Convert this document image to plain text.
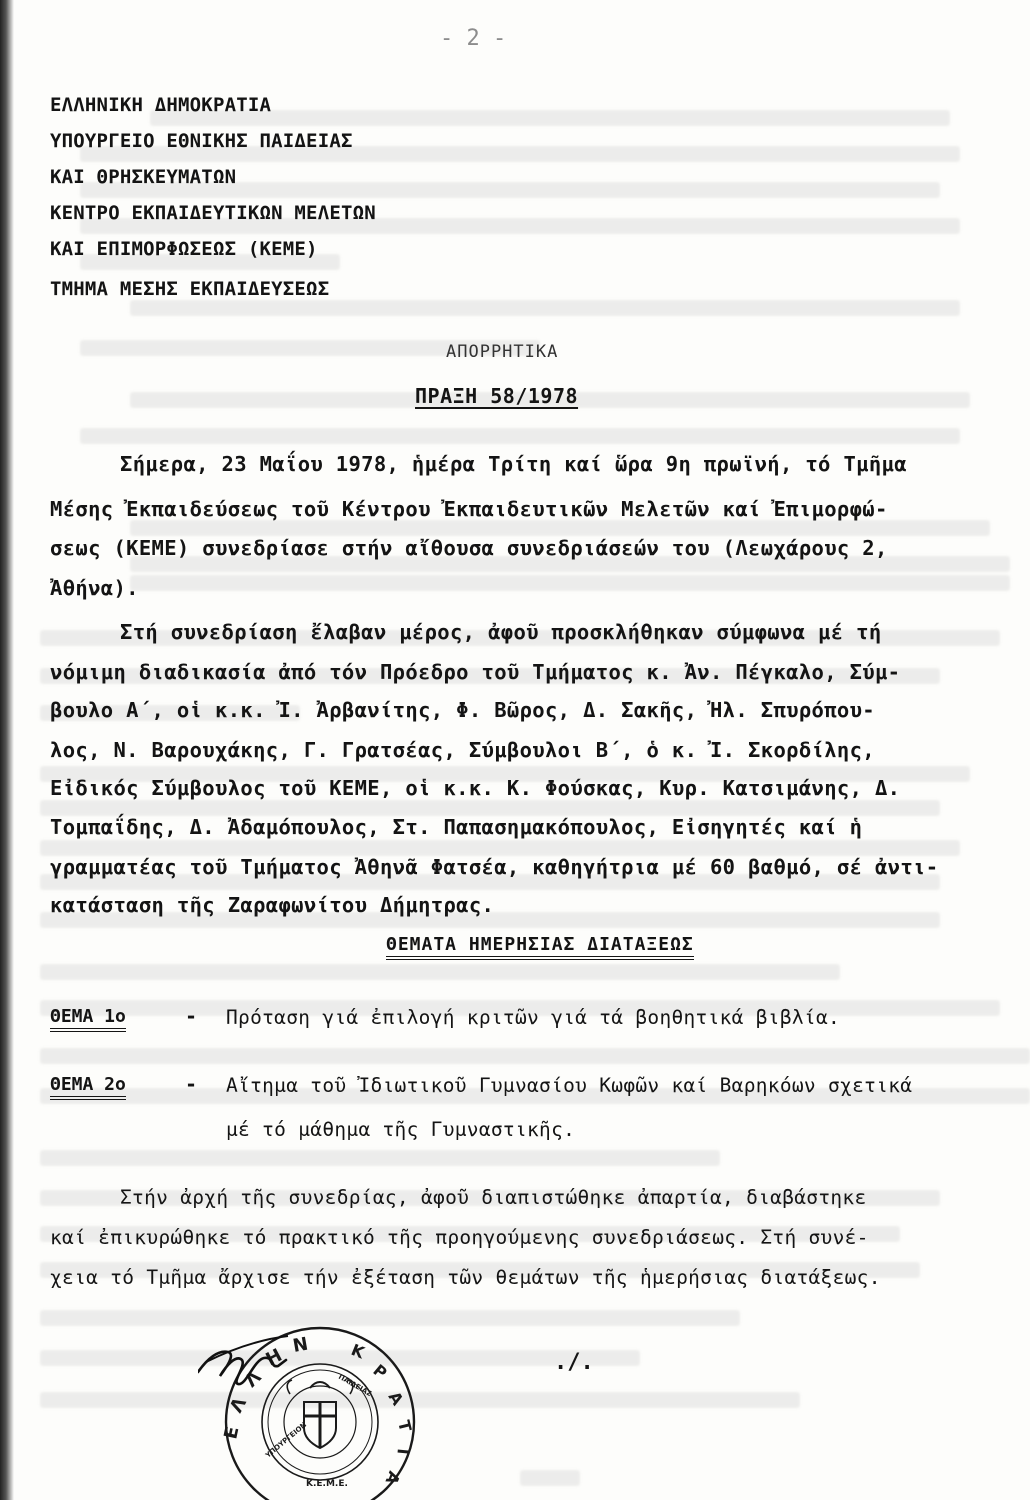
- 2 -
ΕΛΛΗΝΙΚΗ ΔΗΜΟΚΡΑΤΙΑ
ΥΠΟΥΡΓΕΙΟ ΕΘΝΙΚΗΣ ΠΑΙΔΕΙΑΣ
ΚΑΙ ΘΡΗΣΚΕΥΜΑΤΩΝ
ΚΕΝΤΡΟ ΕΚΠΑΙΔΕΥΤΙΚΩΝ ΜΕΛΕΤΩΝ
ΚΑΙ ΕΠΙΜΟΡΦΩΣΕΩΣ (ΚΕΜΕ)
ΤΜΗΜΑ ΜΕΣΗΣ ΕΚΠΑΙΔΕΥΣΕΩΣ
ΑΠΟΡΡΗΤΙΚΑ
ΠΡΑΞΗ 58/1978
Σήμερα, 23 Μαΐου 1978, ἡμέρα Τρίτη καί ὥρα 9η πρωϊνή, τό Τμῆμα
Μέσης Ἐκπαιδεύσεως τοῦ Κέντρου Ἐκπαιδευτικῶν Μελετῶν καί Ἐπιμορφώ-
σεως (ΚΕΜΕ) συνεδρίασε στήν αἴθουσα συνεδριάσεών του (Λεωχάρους 2,
Ἀθήνα).
Στή συνεδρίαση ἔλαβαν μέρος, ἀφοῦ προσκλήθηκαν σύμφωνα μέ τή
νόμιμη διαδικασία ἀπό τόν Πρόεδρο τοῦ Τμήματος κ. Ἀν. Πέγκαλο, Σύμ-
βουλο Α΄, οἱ κ.κ. Ἰ. Ἀρβανίτης, Φ. Βῶρος, Δ. Σακῆς, Ἠλ. Σπυρόπου-
λος, Ν. Βαρουχάκης, Γ. Γρατσέας, Σύμβουλοι Β΄, ὁ κ. Ἰ. Σκορδίλης,
Εἰδικός Σύμβουλος τοῦ ΚΕΜΕ, οἱ κ.κ. Κ. Φούσκας, Κυρ. Κατσιμάνης, Δ.
Τομπαΐδης, Δ. Ἀδαμόπουλος, Στ. Παπασημακόπουλος, Εἰσηγητές καί ἡ
γραμματέας τοῦ Τμήματος Ἀθηνᾶ Φατσέα, καθηγήτρια μέ 60 βαθμό, σέ ἀντι-
κατάσταση τῆς Ζαραφωνίτου Δήμητρας.
ΘΕΜΑΤΑ ΗΜΕΡΗΣΙΑΣ ΔΙΑΤΑΞΕΩΣ
ΘΕΜΑ 1ο	- Πρόταση γιά ἐπιλογή κριτῶν γιά τά βοηθητικά βιβλία.
ΘΕΜΑ 2ο	- Αἴτημα τοῦ Ἰδιωτικοῦ Γυμνασίου Κωφῶν καί Βαρηκόων σχετικά
μέ τό μάθημα τῆς Γυμναστικῆς.
Στήν ἀρχή τῆς συνεδρίας, ἀφοῦ διαπιστώθηκε ἀπαρτία, διαβάστηκε
καί ἐπικυρώθηκε τό πρακτικό τῆς προηγούμενης συνεδριάσεως. Στή συνέ-
χεια τό Τμῆμα ἄρχισε τήν ἐξέταση τῶν θεμάτων τῆς ἡμερήσιας διατάξεως.
./.
Ε
Λ
Λ
Η Ν Κ
Ρ
Α
Τ
Ι
Α
Κ.Ε.Μ.Ε.
ΥΠΟΥΡΓΕΙΟΝ
ΠΑΙΔΕΙΑΣ
